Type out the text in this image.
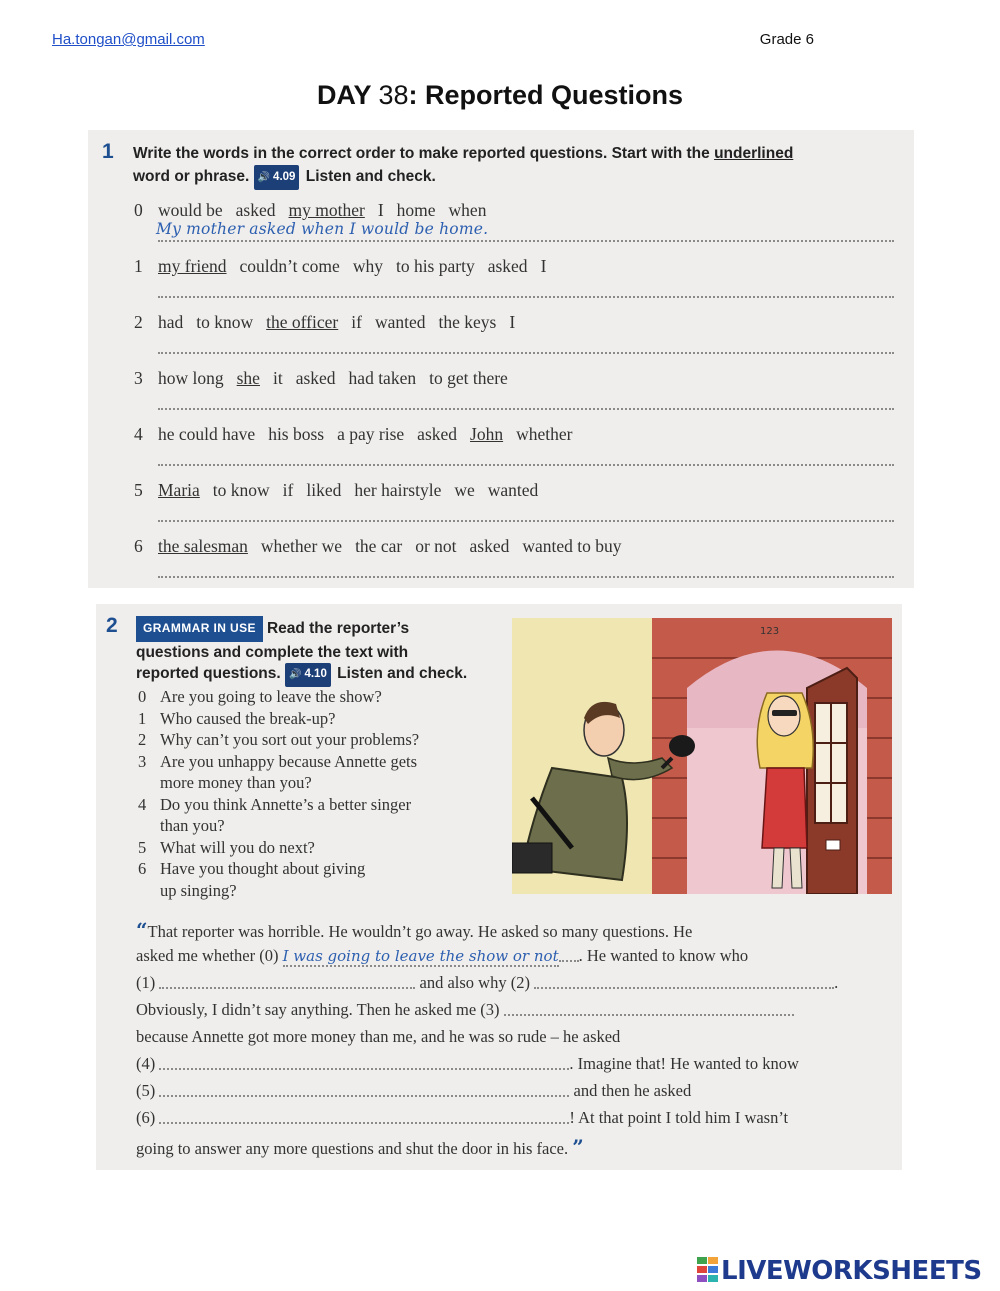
Ha.tongan@gmail.com	Grade 6
DAY 38: Reported Questions
1 Write the words in the correct order to make reported questions. Start with the underlined
word or phrase. 🔊 4.09 Listen and check.
0 would be asked my mother I home when
1 my friend couldn’t come why to his party asked I
2 had to know the officer if wanted the keys I
3 how long she it asked had taken to get there
4 he could have his boss a pay rise asked John whether
5 Maria to know if liked her hairstyle we wanted
6 the salesman whether we the car or not asked wanted to buy
My mother asked when I would be home.
2	GRAMMAR IN USE Read the reporter’s
questions and complete the text with
reported questions. 🔊 4.10 Listen and check.
0 Are you going to leave the show?
1 Who caused the break-up?
2 Why can’t you sort out your problems?
3 Are you unhappy because Annette gets
more money than you?
4 Do you think Annette’s a better singer
than you?
5 What will you do next?
6 Have you thought about giving
up singing?
123
“That reporter was horrible. He wouldn’t go away. He asked so many questions. He
asked me whether (0) I was going to leave the show or not . He wanted to know who
(1)	and also why (2)	.
Obviously, I didn’t say anything. Then he asked me (3)
because Annette got more money than me, and he was so rude – he asked
(4)	. Imagine that! He wanted to know
(5)	and then he asked
(6)	! At that point I told him I wasn’t
going to answer any more questions and shut the door in his face. ”
LIVEWORKSHEETS
